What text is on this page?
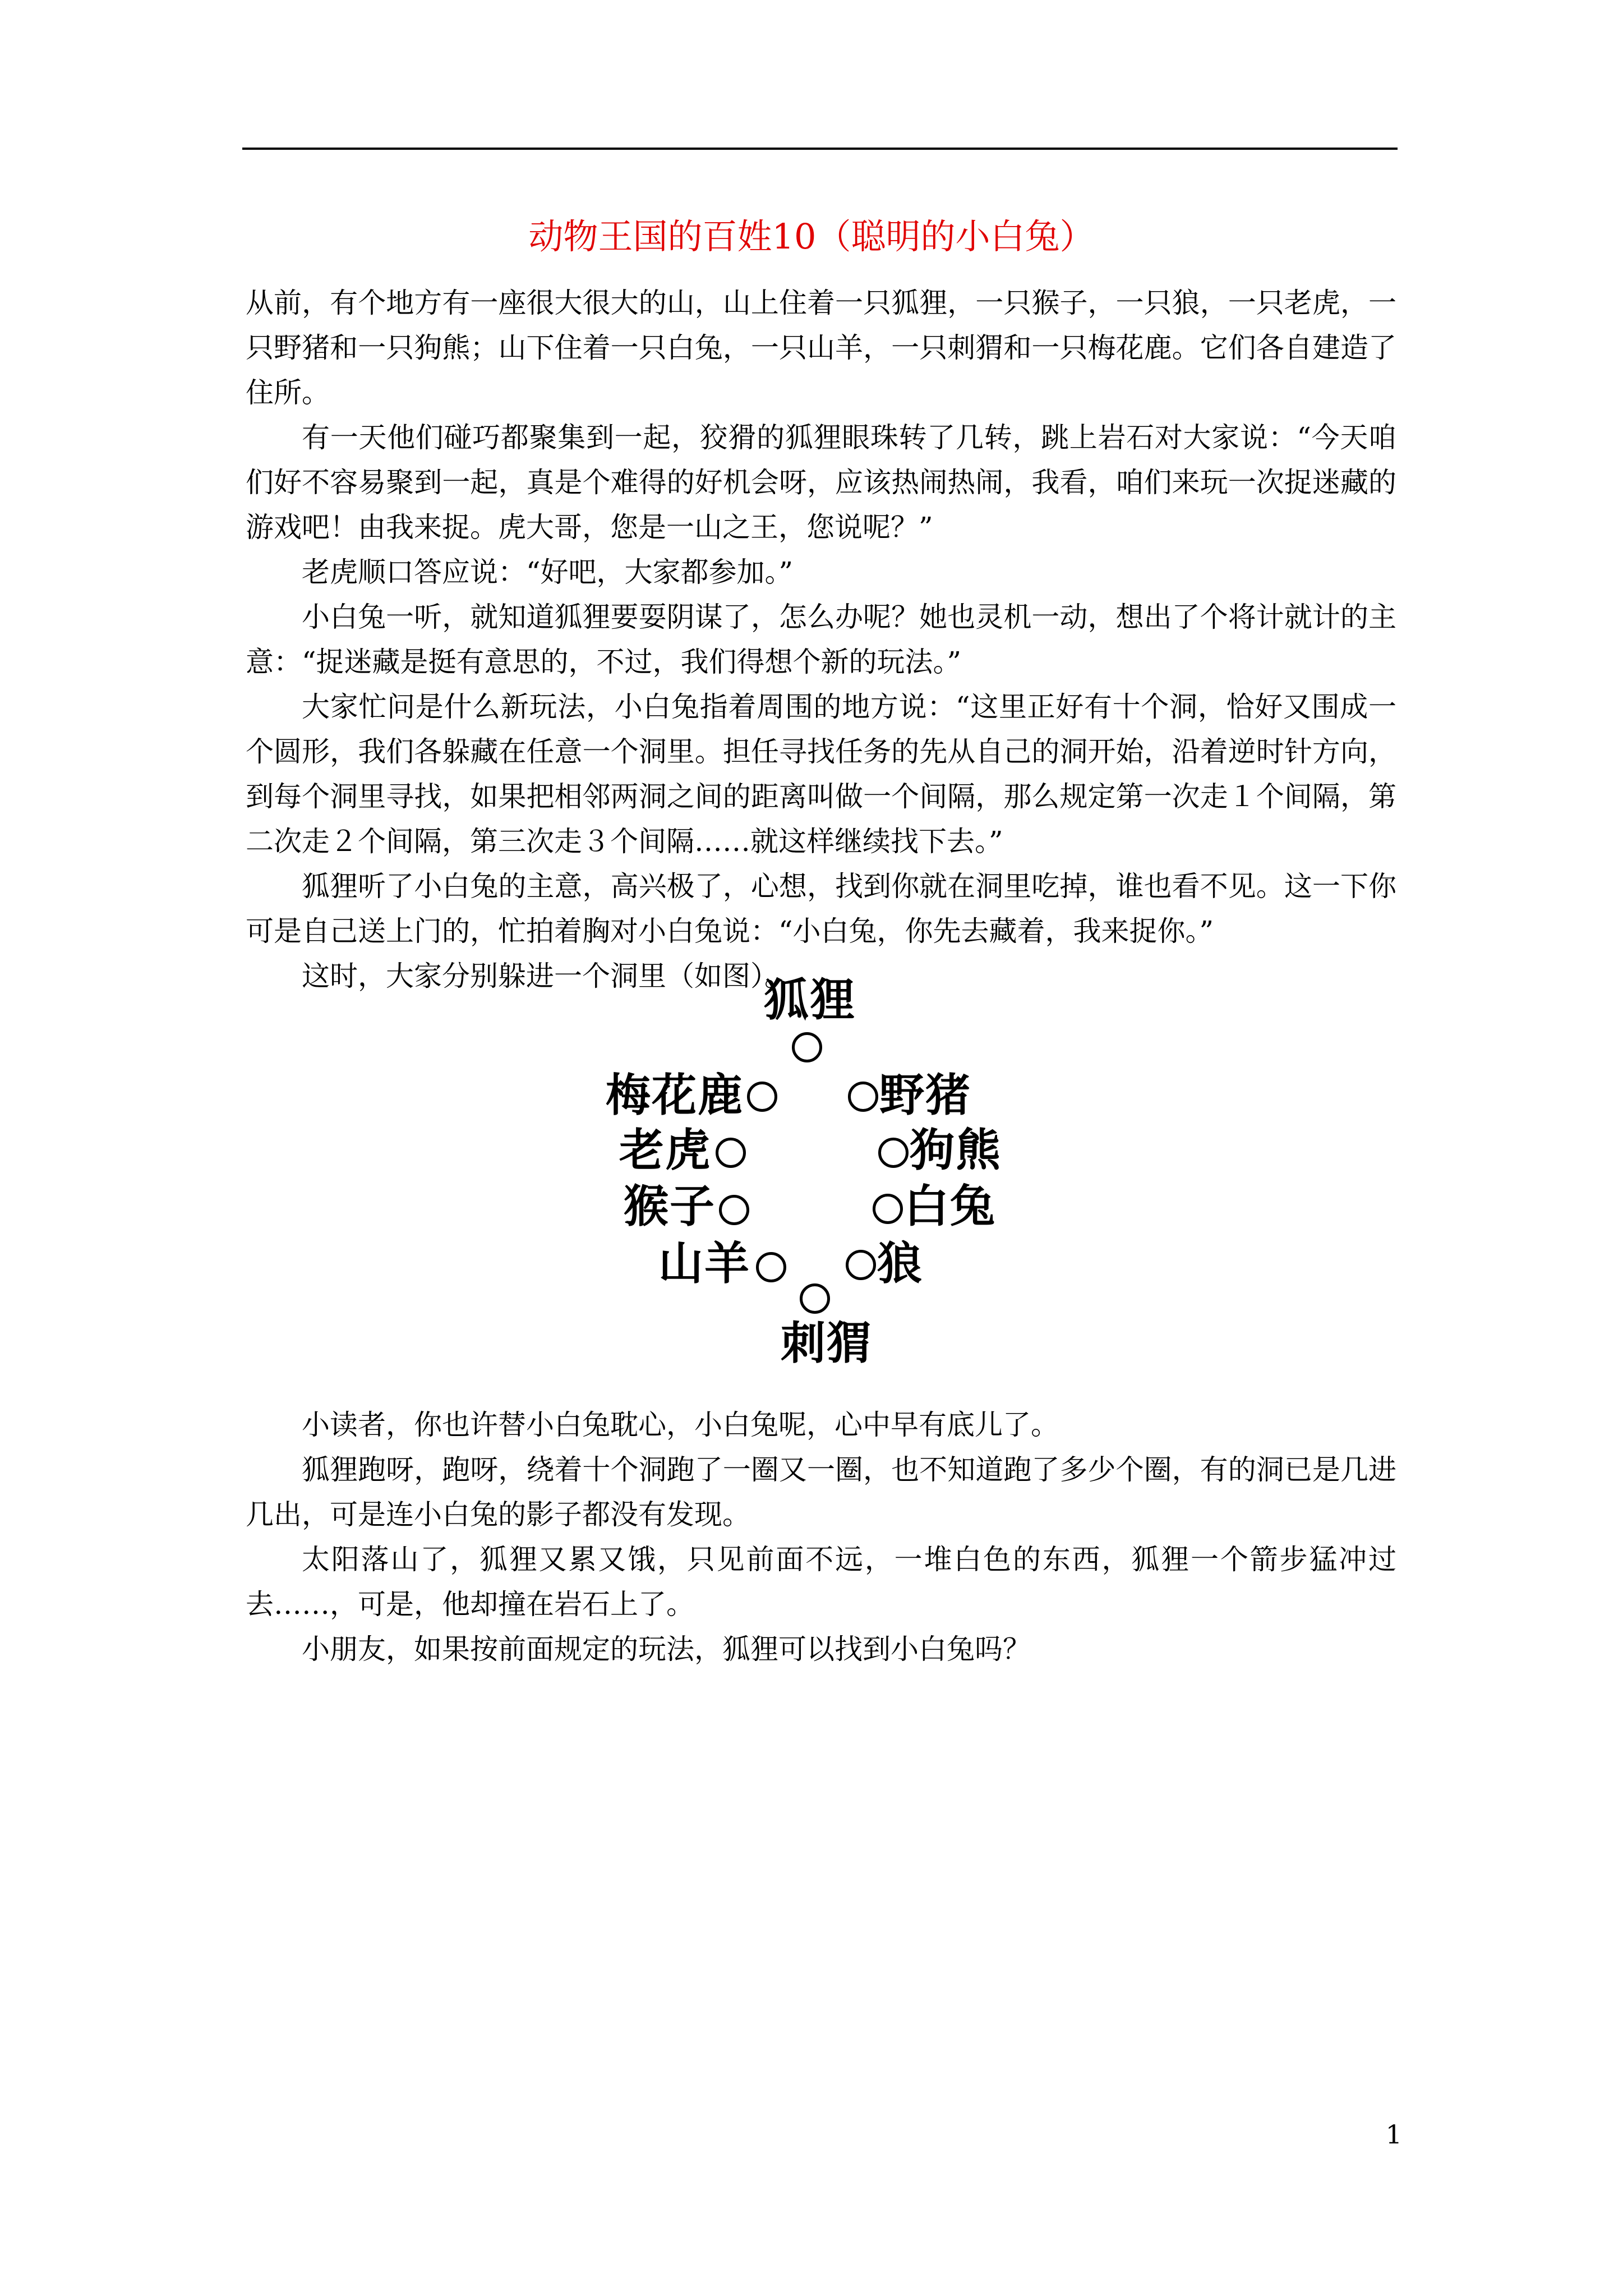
动物王国的百姓10（聪明的小白兔）

从前，有个地方有一座很大很大的山，山上住着一只狐狸，一只猴子，一只狼，一只老虎，一只野猪和一只狗熊；山下住着一只白兔，一只山羊，一只刺猬和一只梅花鹿。它们各自建造了住所。

有一天他们碰巧都聚集到一起，狡猾的狐狸眼珠转了几转，跳上岩石对大家说：“今天咱们好不容易聚到一起，真是个难得的好机会呀，应该热闹热闹，我看，咱们来玩一次捉迷藏的游戏吧！由我来捉。虎大哥，您是一山之王，您说呢？”

老虎顺口答应说：“好吧，大家都参加。”

小白兔一听，就知道狐狸要耍阴谋了，怎么办呢？她也灵机一动，想出了个将计就计的主意：“捉迷藏是挺有意思的，不过，我们得想个新的玩法。”

大家忙问是什么新玩法，小白兔指着周围的地方说：“这里正好有十个洞，恰好又围成一个圆形，我们各躲藏在任意一个洞里。担任寻找任务的先从自己的洞开始，沿着逆时针方向，到每个洞里寻找，如果把相邻两洞之间的距离叫做一个间隔，那么规定第一次走１个间隔，第二次走２个间隔，第三次走３个间隔……就这样继续找下去。”

狐狸听了小白兔的主意，高兴极了，心想，找到你就在洞里吃掉，谁也看不见。这一下你可是自己送上门的，忙拍着胸对小白兔说：“小白兔，你先去藏着，我来捉你。”

这时，大家分别躲进一个洞里（如图）。

狐狸
梅花鹿	野猪
老虎	狗熊
猴子	白兔
山羊	狼
刺猬

小读者，你也许替小白兔耽心，小白兔呢，心中早有底儿了。

狐狸跑呀，跑呀，绕着十个洞跑了一圈又一圈，也不知道跑了多少个圈，有的洞已是几进几出，可是连小白兔的影子都没有发现。

太阳落山了，狐狸又累又饿，只见前面不远，一堆白色的东西，狐狸一个箭步猛冲过去……，可是，他却撞在岩石上了。

小朋友，如果按前面规定的玩法，狐狸可以找到小白兔吗？

1
